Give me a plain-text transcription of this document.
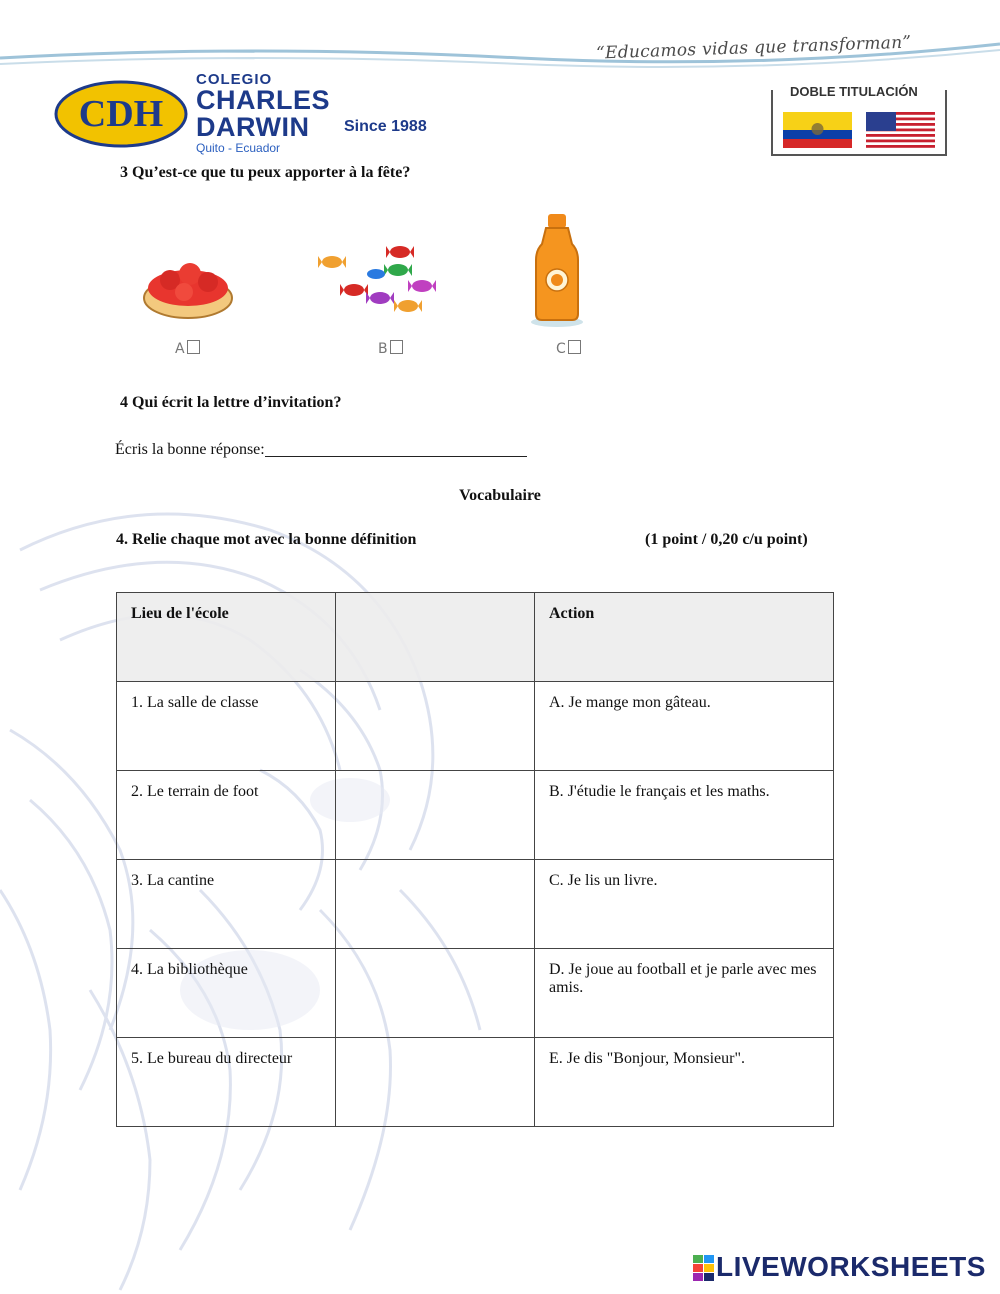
“Educamos vidas que transforman”
CDH
COLEGIO
CHARLES
DARWIN
Quito - Ecuador
Since 1988
DOBLE TITULACIÓN
3 Qu’est-ce que tu peux apporter à la fête?
A	B	C
4 Qui écrit la lettre d’invitation?
Écris la bonne réponse:
Vocabulaire
4. Relie chaque mot avec la bonne définition	(1 point / 0,20 c/u point)
Lieu de l'école		Action
1. La salle de classe		A. Je mange mon gâteau.
2. Le terrain de foot		B. J'étudie le français et les maths.
3. La cantine		C. Je lis un livre.
4. La bibliothèque		D. Je joue au football et je parle avec mes amis.
5. Le bureau du directeur		E. Je dis "Bonjour, Monsieur".
LIVEWORKSHEETS
